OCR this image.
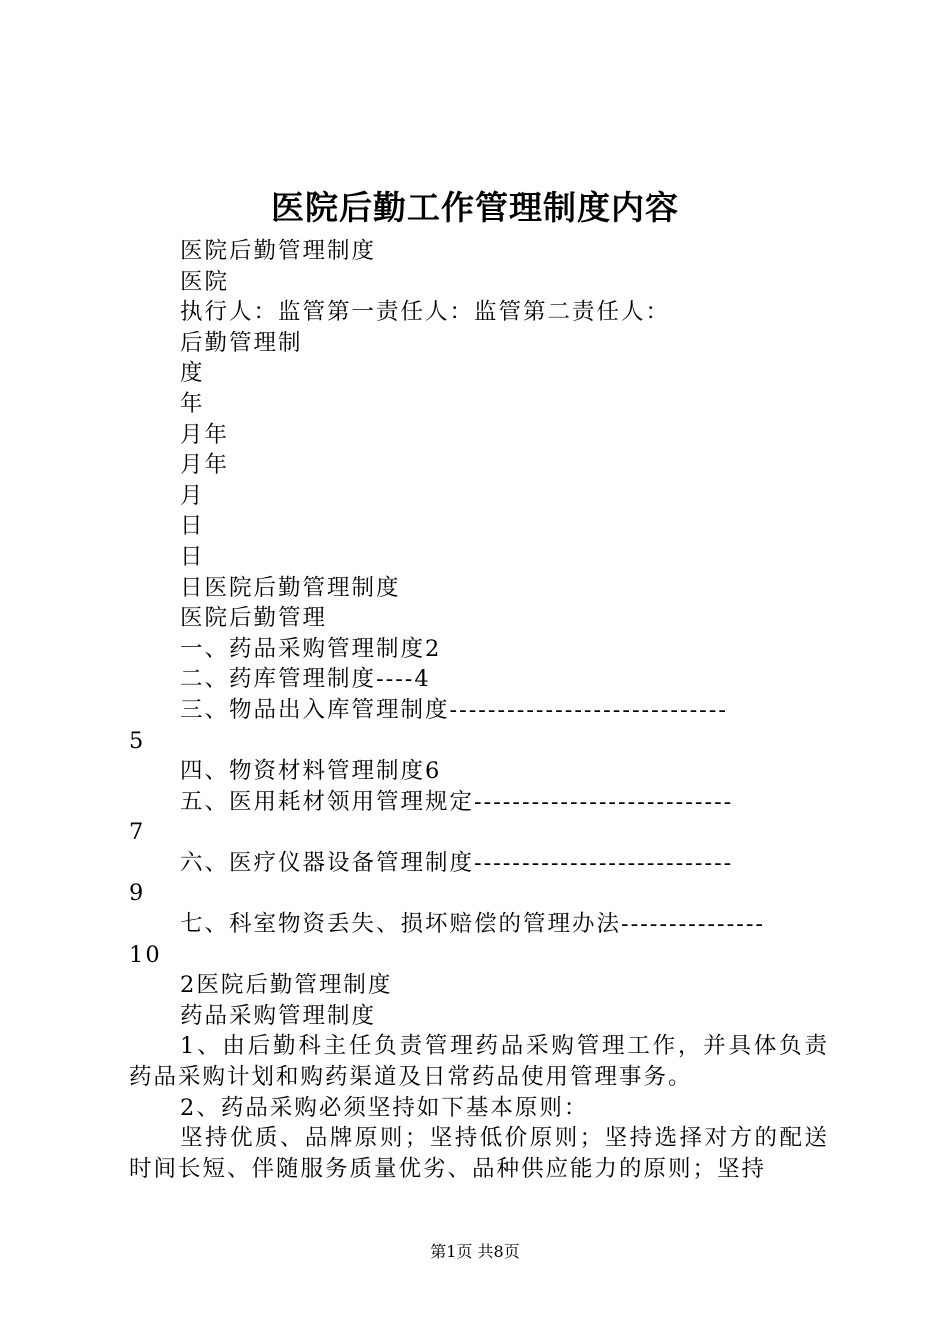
医院后勤工作管理制度内容
医院后勤管理制度
医院
执行人：监管第一责任人：监管第二责任人：
后勤管理制
度
年
月年
月年
月
日
日
日医院后勤管理制度
医院后勤管理
一、药品采购管理制度2
二、药库管理制度----4
三、物品出入库管理制度-----------------------------
5
四、物资材料管理制度6
五、医用耗材领用管理规定---------------------------
7
六、医疗仪器设备管理制度---------------------------
9
七、科室物资丢失、损坏赔偿的管理办法---------------
10
2医院后勤管理制度
药品采购管理制度
1、由后勤科主任负责管理药品采购管理工作，并具体负责药品采购计划和购药渠道及日常药品使用管理事务。
2、药品采购必须坚持如下基本原则：
坚持优质、品牌原则；坚持低价原则；坚持选择对方的配送时间长短、伴随服务质量优劣、品种供应能力的原则；坚持
第1页 共8页
